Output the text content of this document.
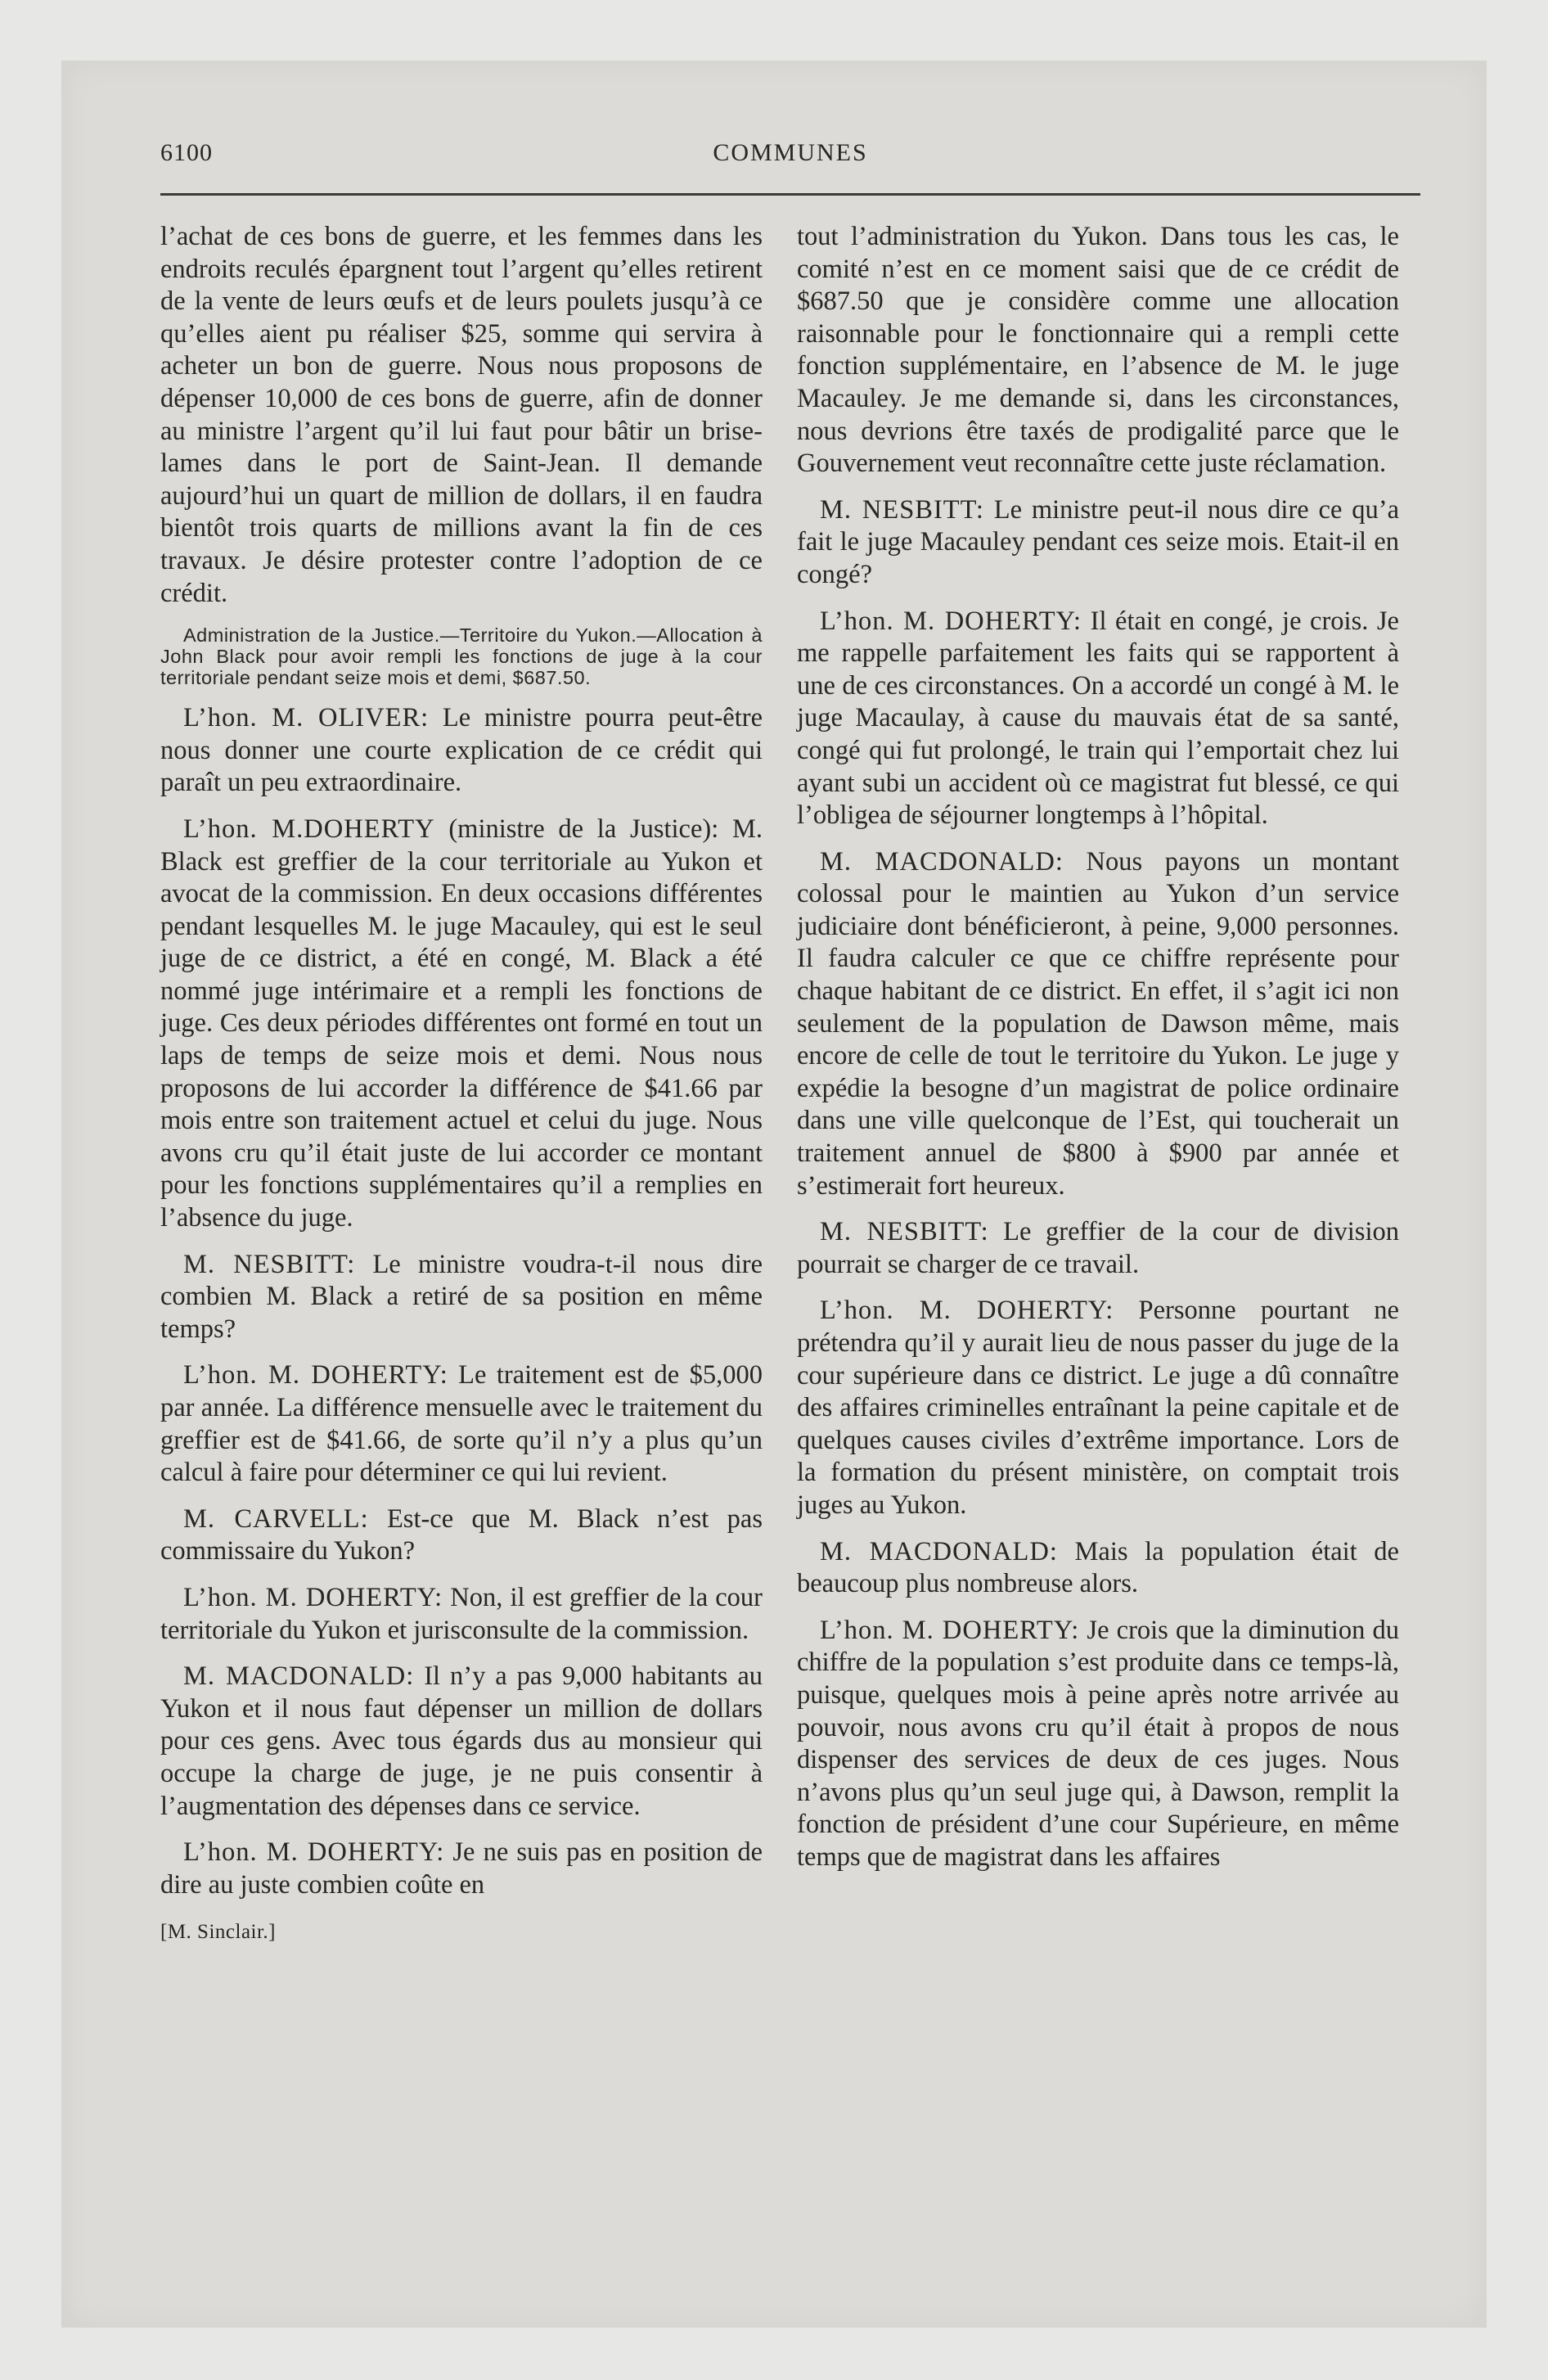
6100	COMMUNES

l’achat de ces bons de guerre, et les femmes dans les endroits reculés épargnent tout l’argent qu’elles retirent de la vente de leurs œufs et de leurs poulets jusqu’à ce qu’elles aient pu réaliser $25, somme qui servira à acheter un bon de guerre. Nous nous proposons de dépenser 10,000 de ces bons de guerre, afin de donner au ministre l’argent qu’il lui faut pour bâtir un brise-lames dans le port de Saint-Jean. Il demande aujourd’hui un quart de million de dollars, il en faudra bientôt trois quarts de millions avant la fin de ces travaux. Je désire protester contre l’adoption de ce crédit.

Administration de la Justice.—Territoire du Yukon.—Allocation à John Black pour avoir rempli les fonctions de juge à la cour territoriale pendant seize mois et demi, $687.50.

L’hon. M. OLIVER: Le ministre pourra peut-être nous donner une courte explication de ce crédit qui paraît un peu extraordinaire.

L’hon. M.DOHERTY (ministre de la Justice): M. Black est greffier de la cour territoriale au Yukon et avocat de la commission. En deux occasions différentes pendant lesquelles M. le juge Macauley, qui est le seul juge de ce district, a été en congé, M. Black a été nommé juge intérimaire et a rempli les fonctions de juge. Ces deux périodes différentes ont formé en tout un laps de temps de seize mois et demi. Nous nous proposons de lui accorder la différence de $41.66 par mois entre son traitement actuel et celui du juge. Nous avons cru qu’il était juste de lui accorder ce montant pour les fonctions supplémentaires qu’il a remplies en l’absence du juge.

M. NESBITT: Le ministre voudra-t-il nous dire combien M. Black a retiré de sa position en même temps?

L’hon. M. DOHERTY: Le traitement est de $5,000 par année. La différence mensuelle avec le traitement du greffier est de $41.66, de sorte qu’il n’y a plus qu’un calcul à faire pour déterminer ce qui lui revient.

M. CARVELL: Est-ce que M. Black n’est pas commissaire du Yukon?

L’hon. M. DOHERTY: Non, il est greffier de la cour territoriale du Yukon et jurisconsulte de la commission.

M. MACDONALD: Il n’y a pas 9,000 habitants au Yukon et il nous faut dépenser un million de dollars pour ces gens. Avec tous égards dus au monsieur qui occupe la charge de juge, je ne puis consentir à l’augmentation des dépenses dans ce service.

L’hon. M. DOHERTY: Je ne suis pas en position de dire au juste combien coûte en

[M. Sinclair.]

tout l’administration du Yukon. Dans tous les cas, le comité n’est en ce moment saisi que de ce crédit de $687.50 que je considère comme une allocation raisonnable pour le fonctionnaire qui a rempli cette fonction supplémentaire, en l’absence de M. le juge Macauley. Je me demande si, dans les circonstances, nous devrions être taxés de prodigalité parce que le Gouvernement veut reconnaître cette juste réclamation.

M. NESBITT: Le ministre peut-il nous dire ce qu’a fait le juge Macauley pendant ces seize mois. Etait-il en congé?

L’hon. M. DOHERTY: Il était en congé, je crois. Je me rappelle parfaitement les faits qui se rapportent à une de ces circonstances. On a accordé un congé à M. le juge Macaulay, à cause du mauvais état de sa santé, congé qui fut prolongé, le train qui l’emportait chez lui ayant subi un accident où ce magistrat fut blessé, ce qui l’obligea de séjourner longtemps à l’hôpital.

M. MACDONALD: Nous payons un montant colossal pour le maintien au Yukon d’un service judiciaire dont bénéficieront, à peine, 9,000 personnes. Il faudra calculer ce que ce chiffre représente pour chaque habitant de ce district. En effet, il s’agit ici non seulement de la population de Dawson même, mais encore de celle de tout le territoire du Yukon. Le juge y expédie la besogne d’un magistrat de police ordinaire dans une ville quelconque de l’Est, qui toucherait un traitement annuel de $800 à $900 par année et s’estimerait fort heureux.

M. NESBITT: Le greffier de la cour de division pourrait se charger de ce travail.

L’hon. M. DOHERTY: Personne pourtant ne prétendra qu’il y aurait lieu de nous passer du juge de la cour supérieure dans ce district. Le juge a dû connaître des affaires criminelles entraînant la peine capitale et de quelques causes civiles d’extrême importance. Lors de la formation du présent ministère, on comptait trois juges au Yukon.

M. MACDONALD: Mais la population était de beaucoup plus nombreuse alors.

L’hon. M. DOHERTY: Je crois que la diminution du chiffre de la population s’est produite dans ce temps-là, puisque, quelques mois à peine après notre arrivée au pouvoir, nous avons cru qu’il était à propos de nous dispenser des services de deux de ces juges. Nous n’avons plus qu’un seul juge qui, à Dawson, remplit la fonction de président d’une cour Supérieure, en même temps que de magistrat dans les affaires
